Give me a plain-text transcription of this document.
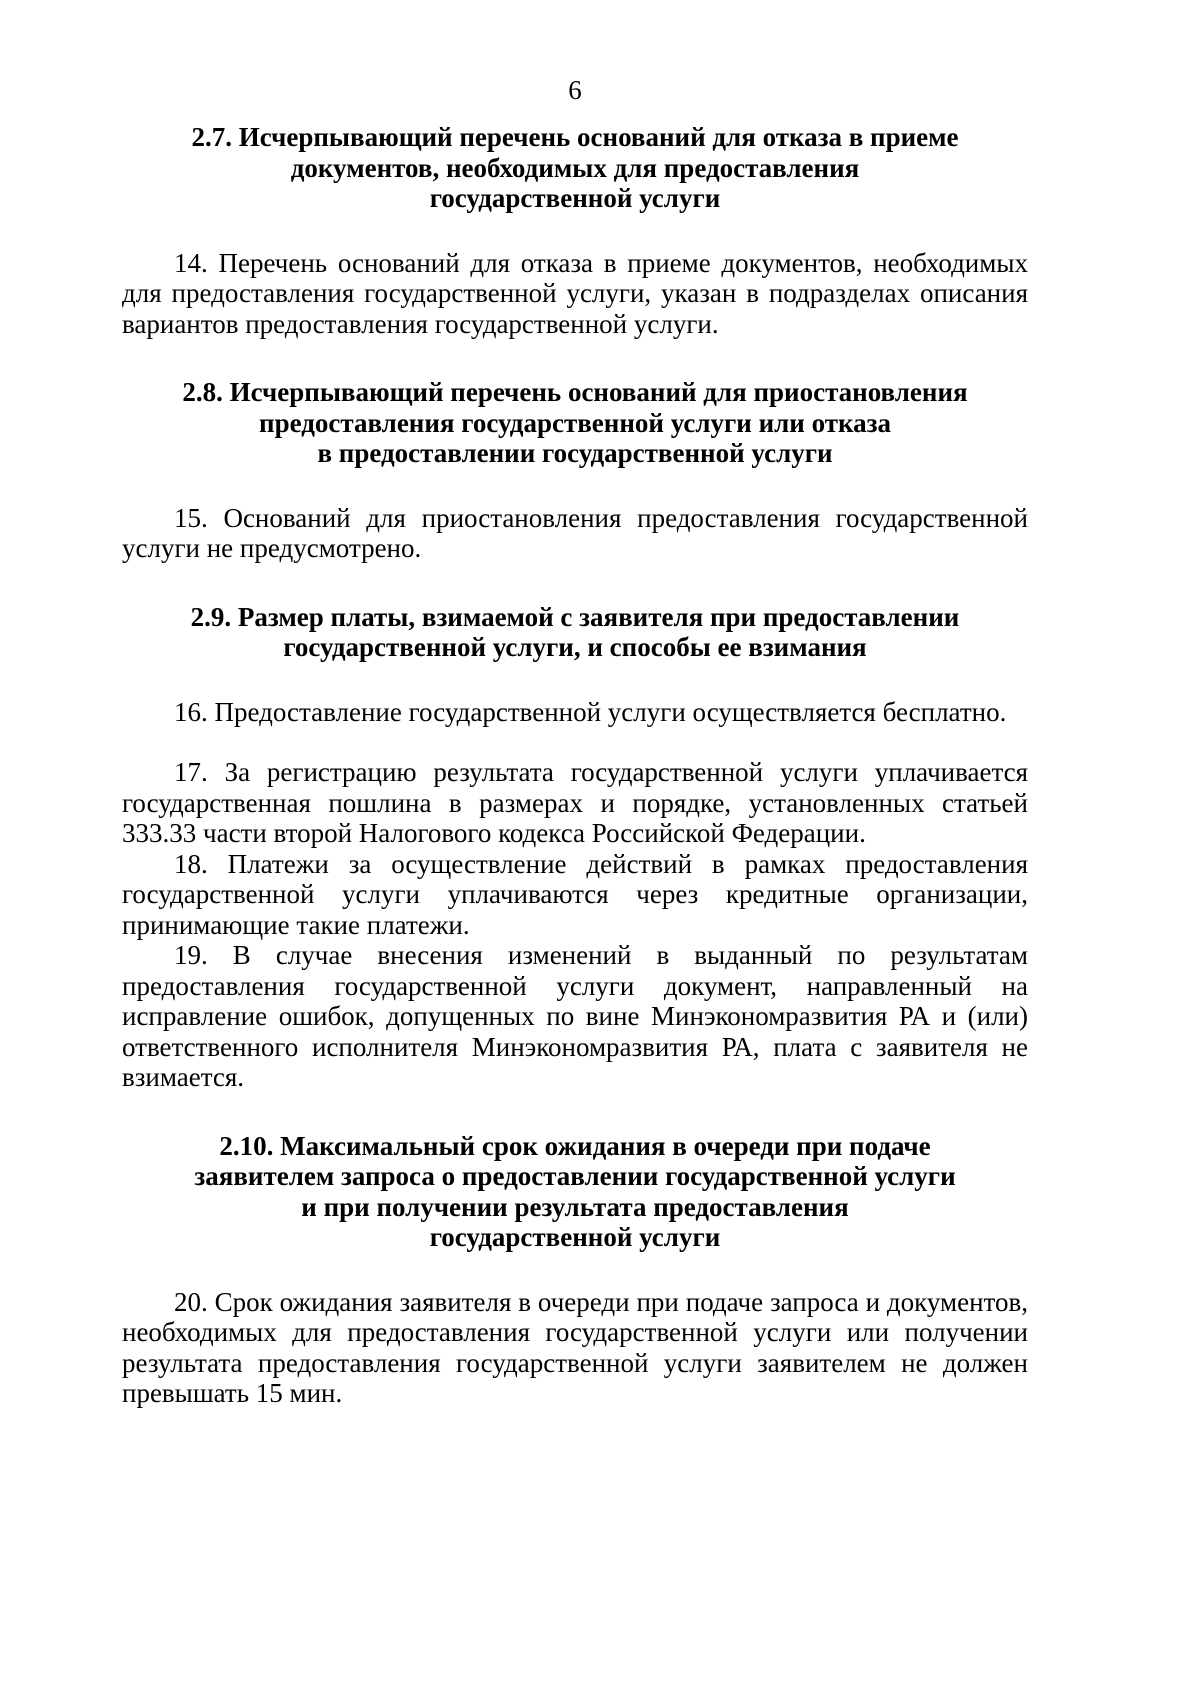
6
2.7. Исчерпывающий перечень оснований для отказа в приеме
документов, необходимых для предоставления
государственной услуги

14. Перечень оснований для отказа в приеме документов, необходимых для предоставления государственной услуги, указан в подразделах описания вариантов предоставления государственной услуги.

2.8. Исчерпывающий перечень оснований для приостановления
предоставления государственной услуги или отказа
в предоставлении государственной услуги

15. Оснований для приостановления предоставления государственной услуги не предусмотрено.

2.9. Размер платы, взимаемой с заявителя при предоставлении
государственной услуги, и способы ее взимания

16. Предоставление государственной услуги осуществляется бесплатно.

17. За регистрацию результата государственной услуги уплачивается государственная пошлина в размерах и порядке, установленных статьей 333.33 части второй Налогового кодекса Российской Федерации.

18. Платежи за осуществление действий в рамках предоставления государственной услуги уплачиваются через кредитные организации, принимающие такие платежи.

19. В случае внесения изменений в выданный по результатам предоставления государственной услуги документ, направленный на исправление ошибок, допущенных по вине Минэкономразвития РА и (или) ответственного исполнителя Минэкономразвития РА, плата с заявителя не взимается.

2.10. Максимальный срок ожидания в очереди при подаче
заявителем запроса о предоставлении государственной услуги
и при получении результата предоставления
государственной услуги

20. Срок ожидания заявителя в очереди при подаче запроса и документов, необходимых для предоставления государственной услуги или получении результата предоставления государственной услуги заявителем не должен превышать 15 мин.
